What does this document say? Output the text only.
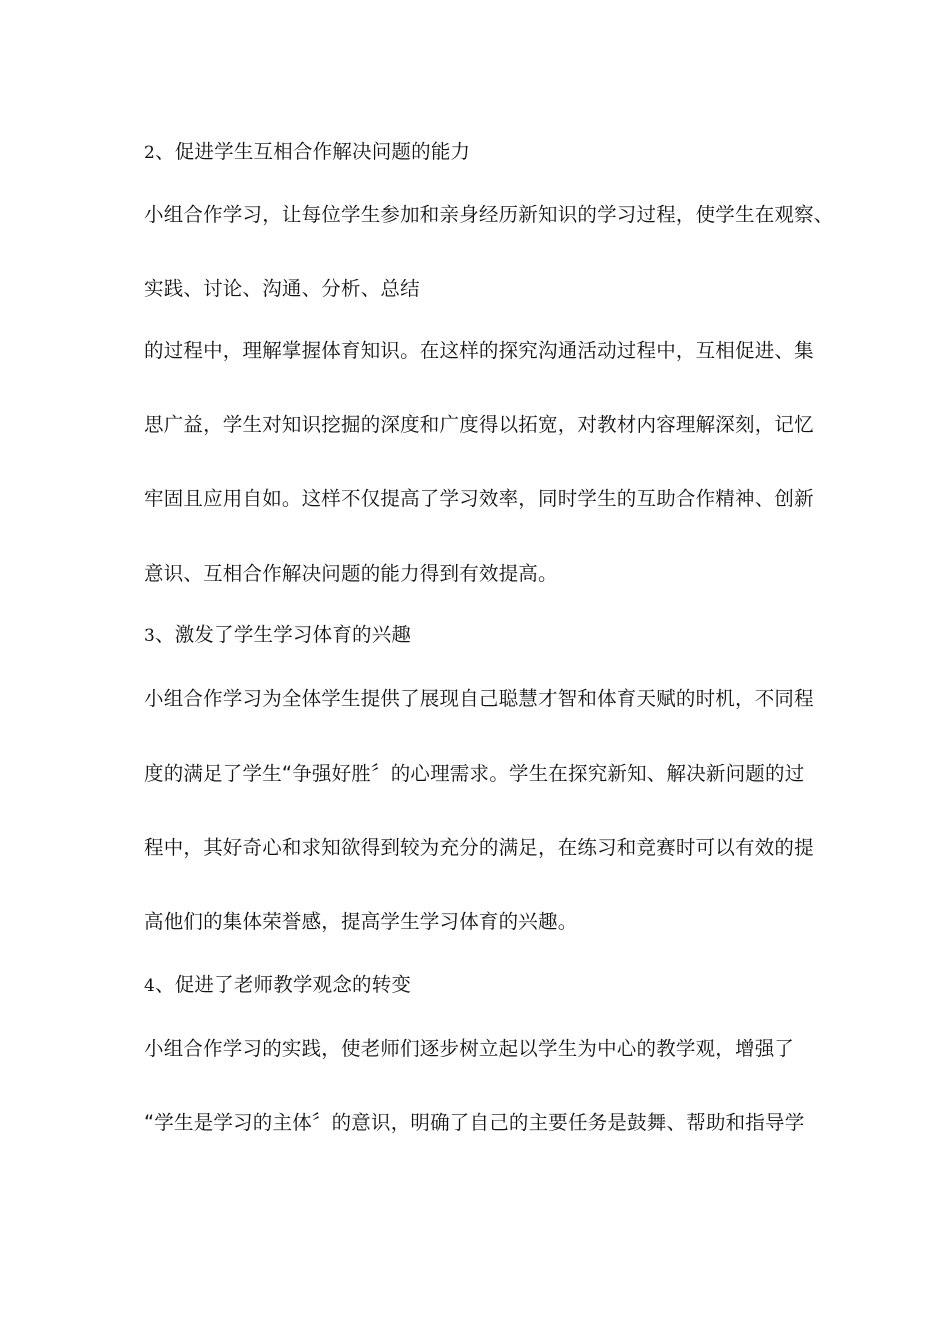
2、促进学生互相合作解决问题的能力
小组合作学习，让每位学生参加和亲身经历新知识的学习过程，使学生在观察、
实践、讨论、沟通、分析、总结
的过程中，理解掌握体育知识。在这样的探究沟通活动过程中，互相促进、集
思广益，学生对知识挖掘的深度和广度得以拓宽，对教材内容理解深刻，记忆
牢固且应用自如。这样不仅提高了学习效率，同时学生的互助合作精神、创新
意识、互相合作解决问题的能力得到有效提高。
3、激发了学生学习体育的兴趣
小组合作学习为全体学生提供了展现自己聪慧才智和体育天赋的时机，不同程
度的满足了学生“争强好胜〞的心理需求。学生在探究新知、解决新问题的过
程中，其好奇心和求知欲得到较为充分的满足，在练习和竞赛时可以有效的提
高他们的集体荣誉感，提高学生学习体育的兴趣。
4、促进了老师教学观念的转变
小组合作学习的实践，使老师们逐步树立起以学生为中心的教学观，增强了
“学生是学习的主体〞的意识，明确了自己的主要任务是鼓舞、帮助和指导学
